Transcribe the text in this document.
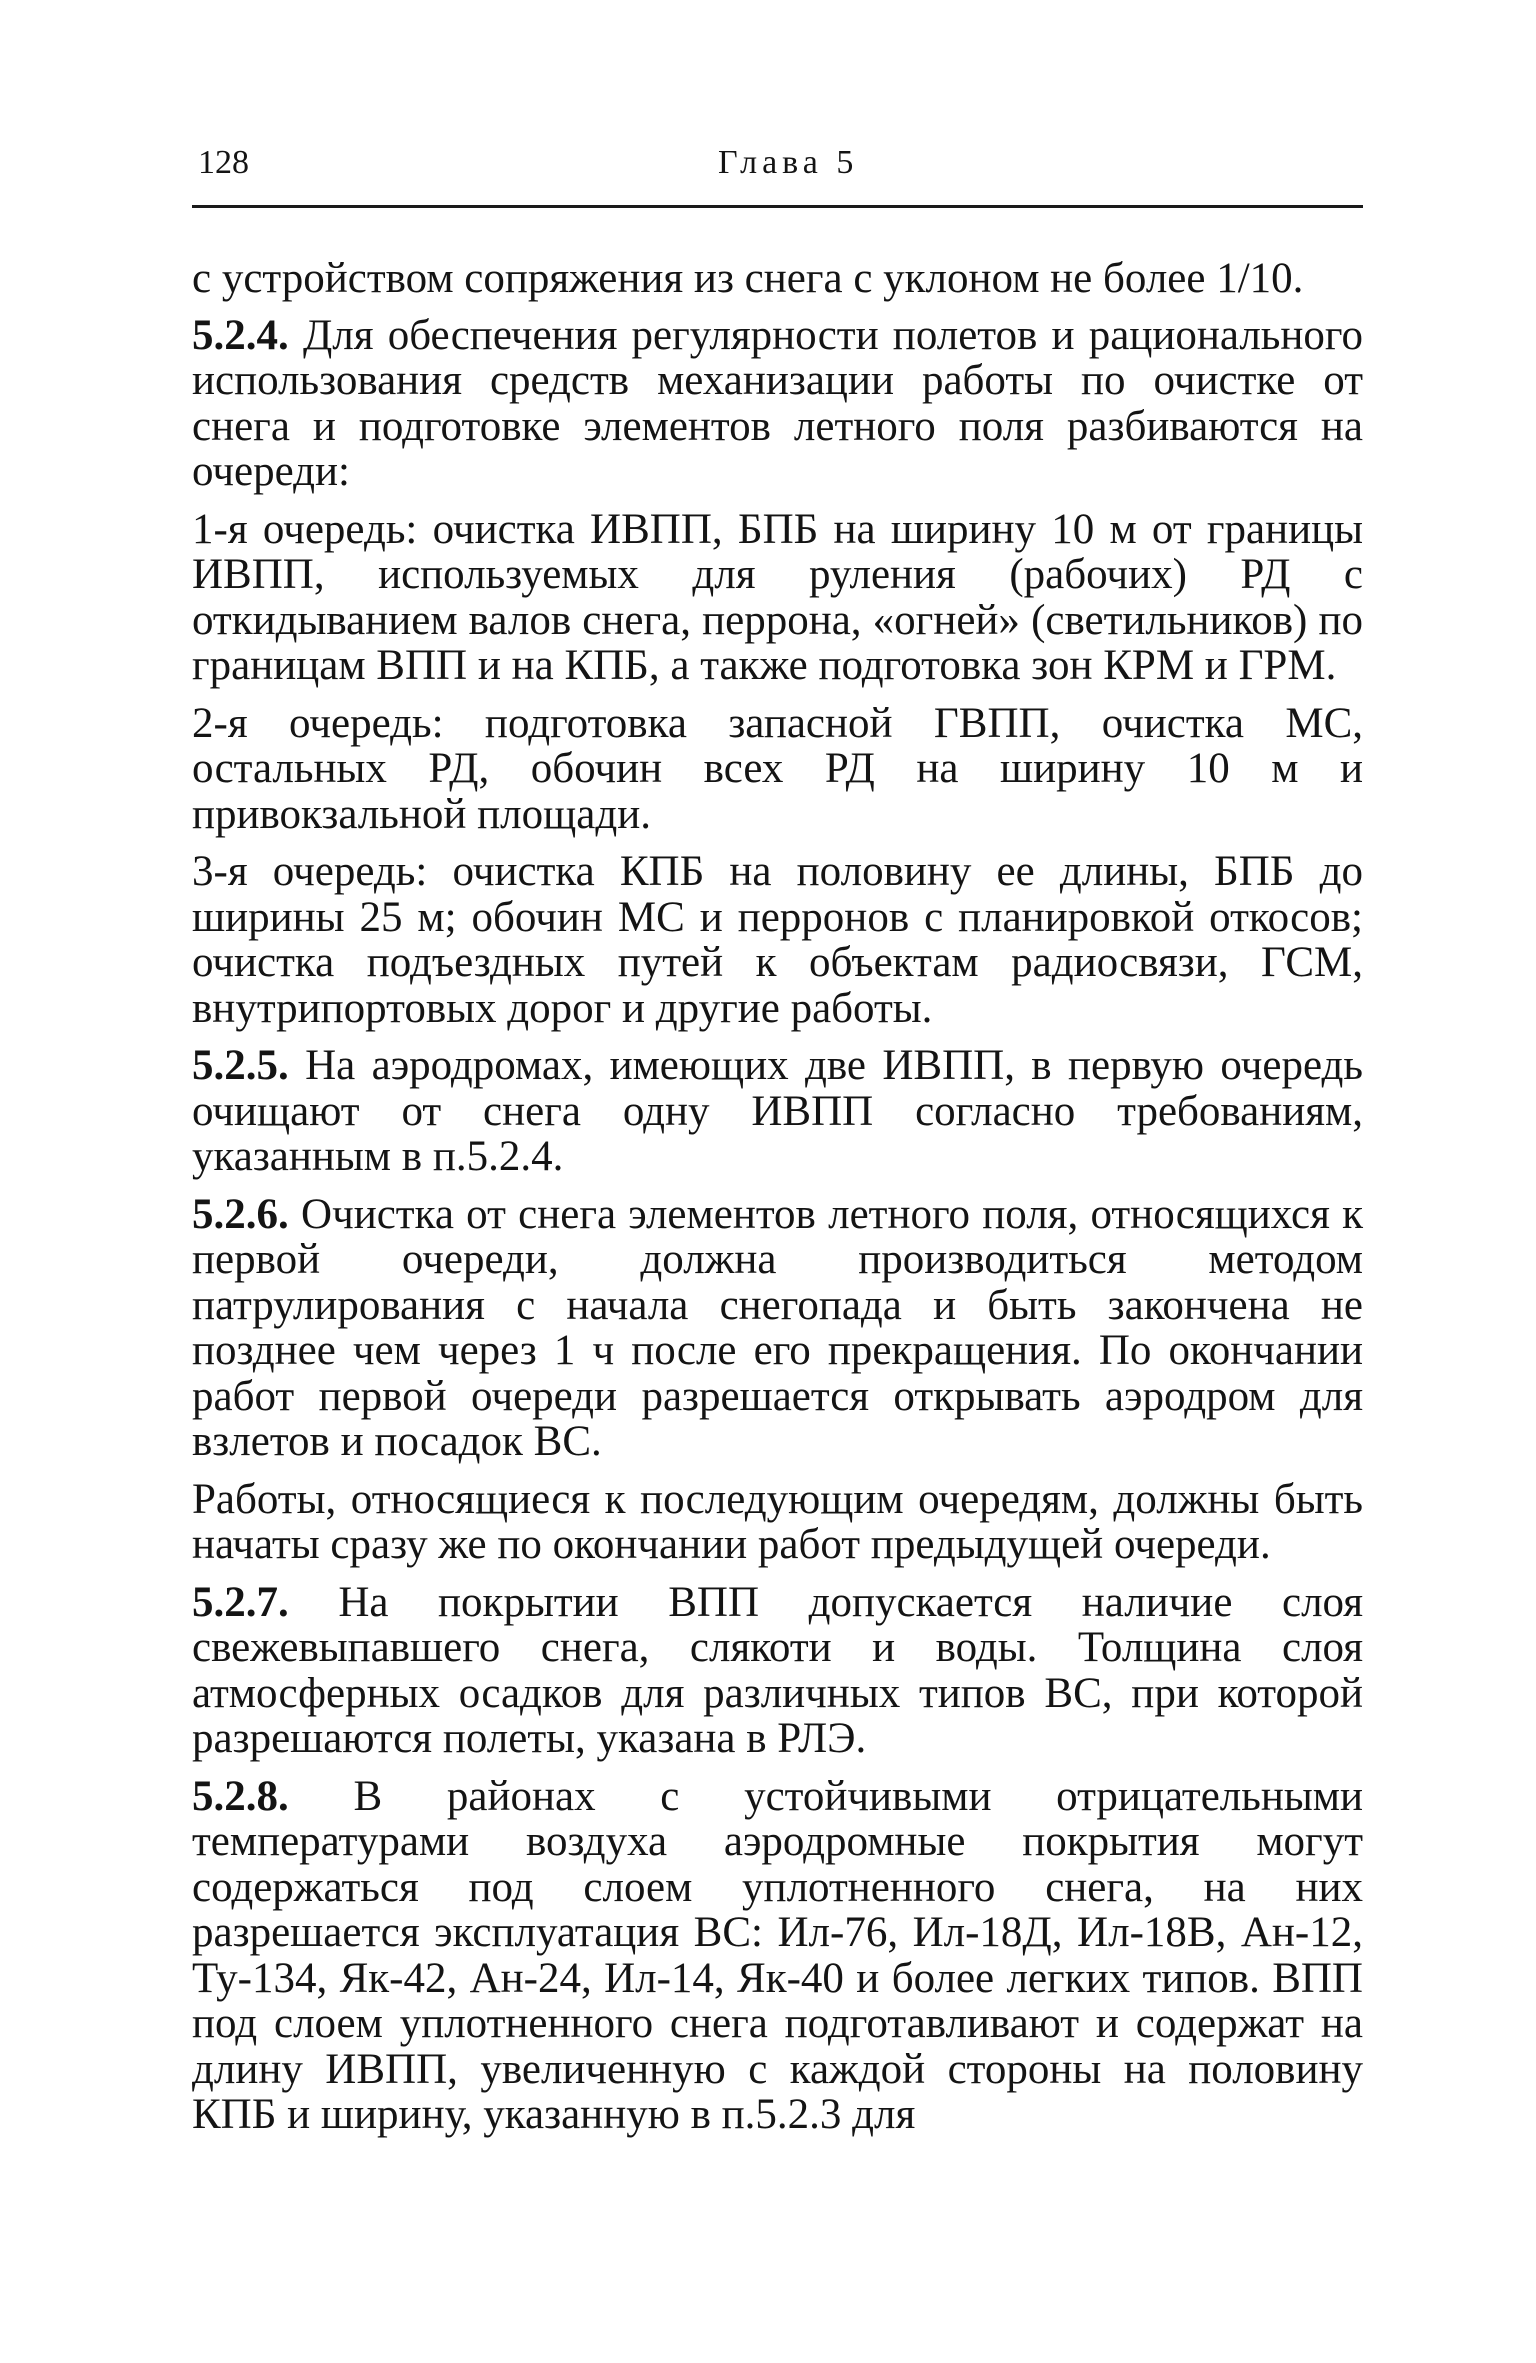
128	Глава 5

с устройством сопряжения из снега с уклоном не более 1/10.

5.2.4. Для обеспечения регулярности полетов и рационального использования средств механизации работы по очистке от снега и подготовке элементов летного поля разбиваются на очереди:

1-я очередь: очистка ИВПП, БПБ на ширину 10 м от границы ИВПП, используемых для руления (рабочих) РД с откидыванием валов снега, перрона, «огней» (светильников) по границам ВПП и на КПБ, а также подготовка зон КРМ и ГРМ.

2-я очередь: подготовка запасной ГВПП, очистка МС, остальных РД, обочин всех РД на ширину 10 м и привокзальной площади.

3-я очередь: очистка КПБ на половину ее длины, БПБ до ширины 25 м; обочин МС и перронов с планировкой откосов; очистка подъездных путей к объектам радиосвязи, ГСМ, внутрипортовых дорог и другие работы.

5.2.5. На аэродромах, имеющих две ИВПП, в первую очередь очищают от снега одну ИВПП согласно требованиям, указанным в п.5.2.4.

5.2.6. Очистка от снега элементов летного поля, относящихся к первой очереди, должна производиться методом патрулирования с начала снегопада и быть закончена не позднее чем через 1 ч после его прекращения. По окончании работ первой очереди разрешается открывать аэродром для взлетов и посадок ВС.

Работы, относящиеся к последующим очередям, должны быть начаты сразу же по окончании работ предыдущей очереди.

5.2.7. На покрытии ВПП допускается наличие слоя свежевыпавшего снега, слякоти и воды. Толщина слоя атмосферных осадков для различных типов ВС, при которой разрешаются полеты, указана в РЛЭ.

5.2.8. В районах с устойчивыми отрицательными температурами воздуха аэродромные покрытия могут содержаться под слоем уплотненного снега, на них разрешается эксплуатация ВС: Ил-76, Ил-18Д, Ил-18В, Ан-12, Ту-134, Як-42, Ан-24, Ил-14, Як-40 и более легких типов. ВПП под слоем уплотненного снега подготавливают и содержат на длину ИВПП, увеличенную с каждой стороны на половину КПБ и ширину, указанную в п.5.2.3 для
